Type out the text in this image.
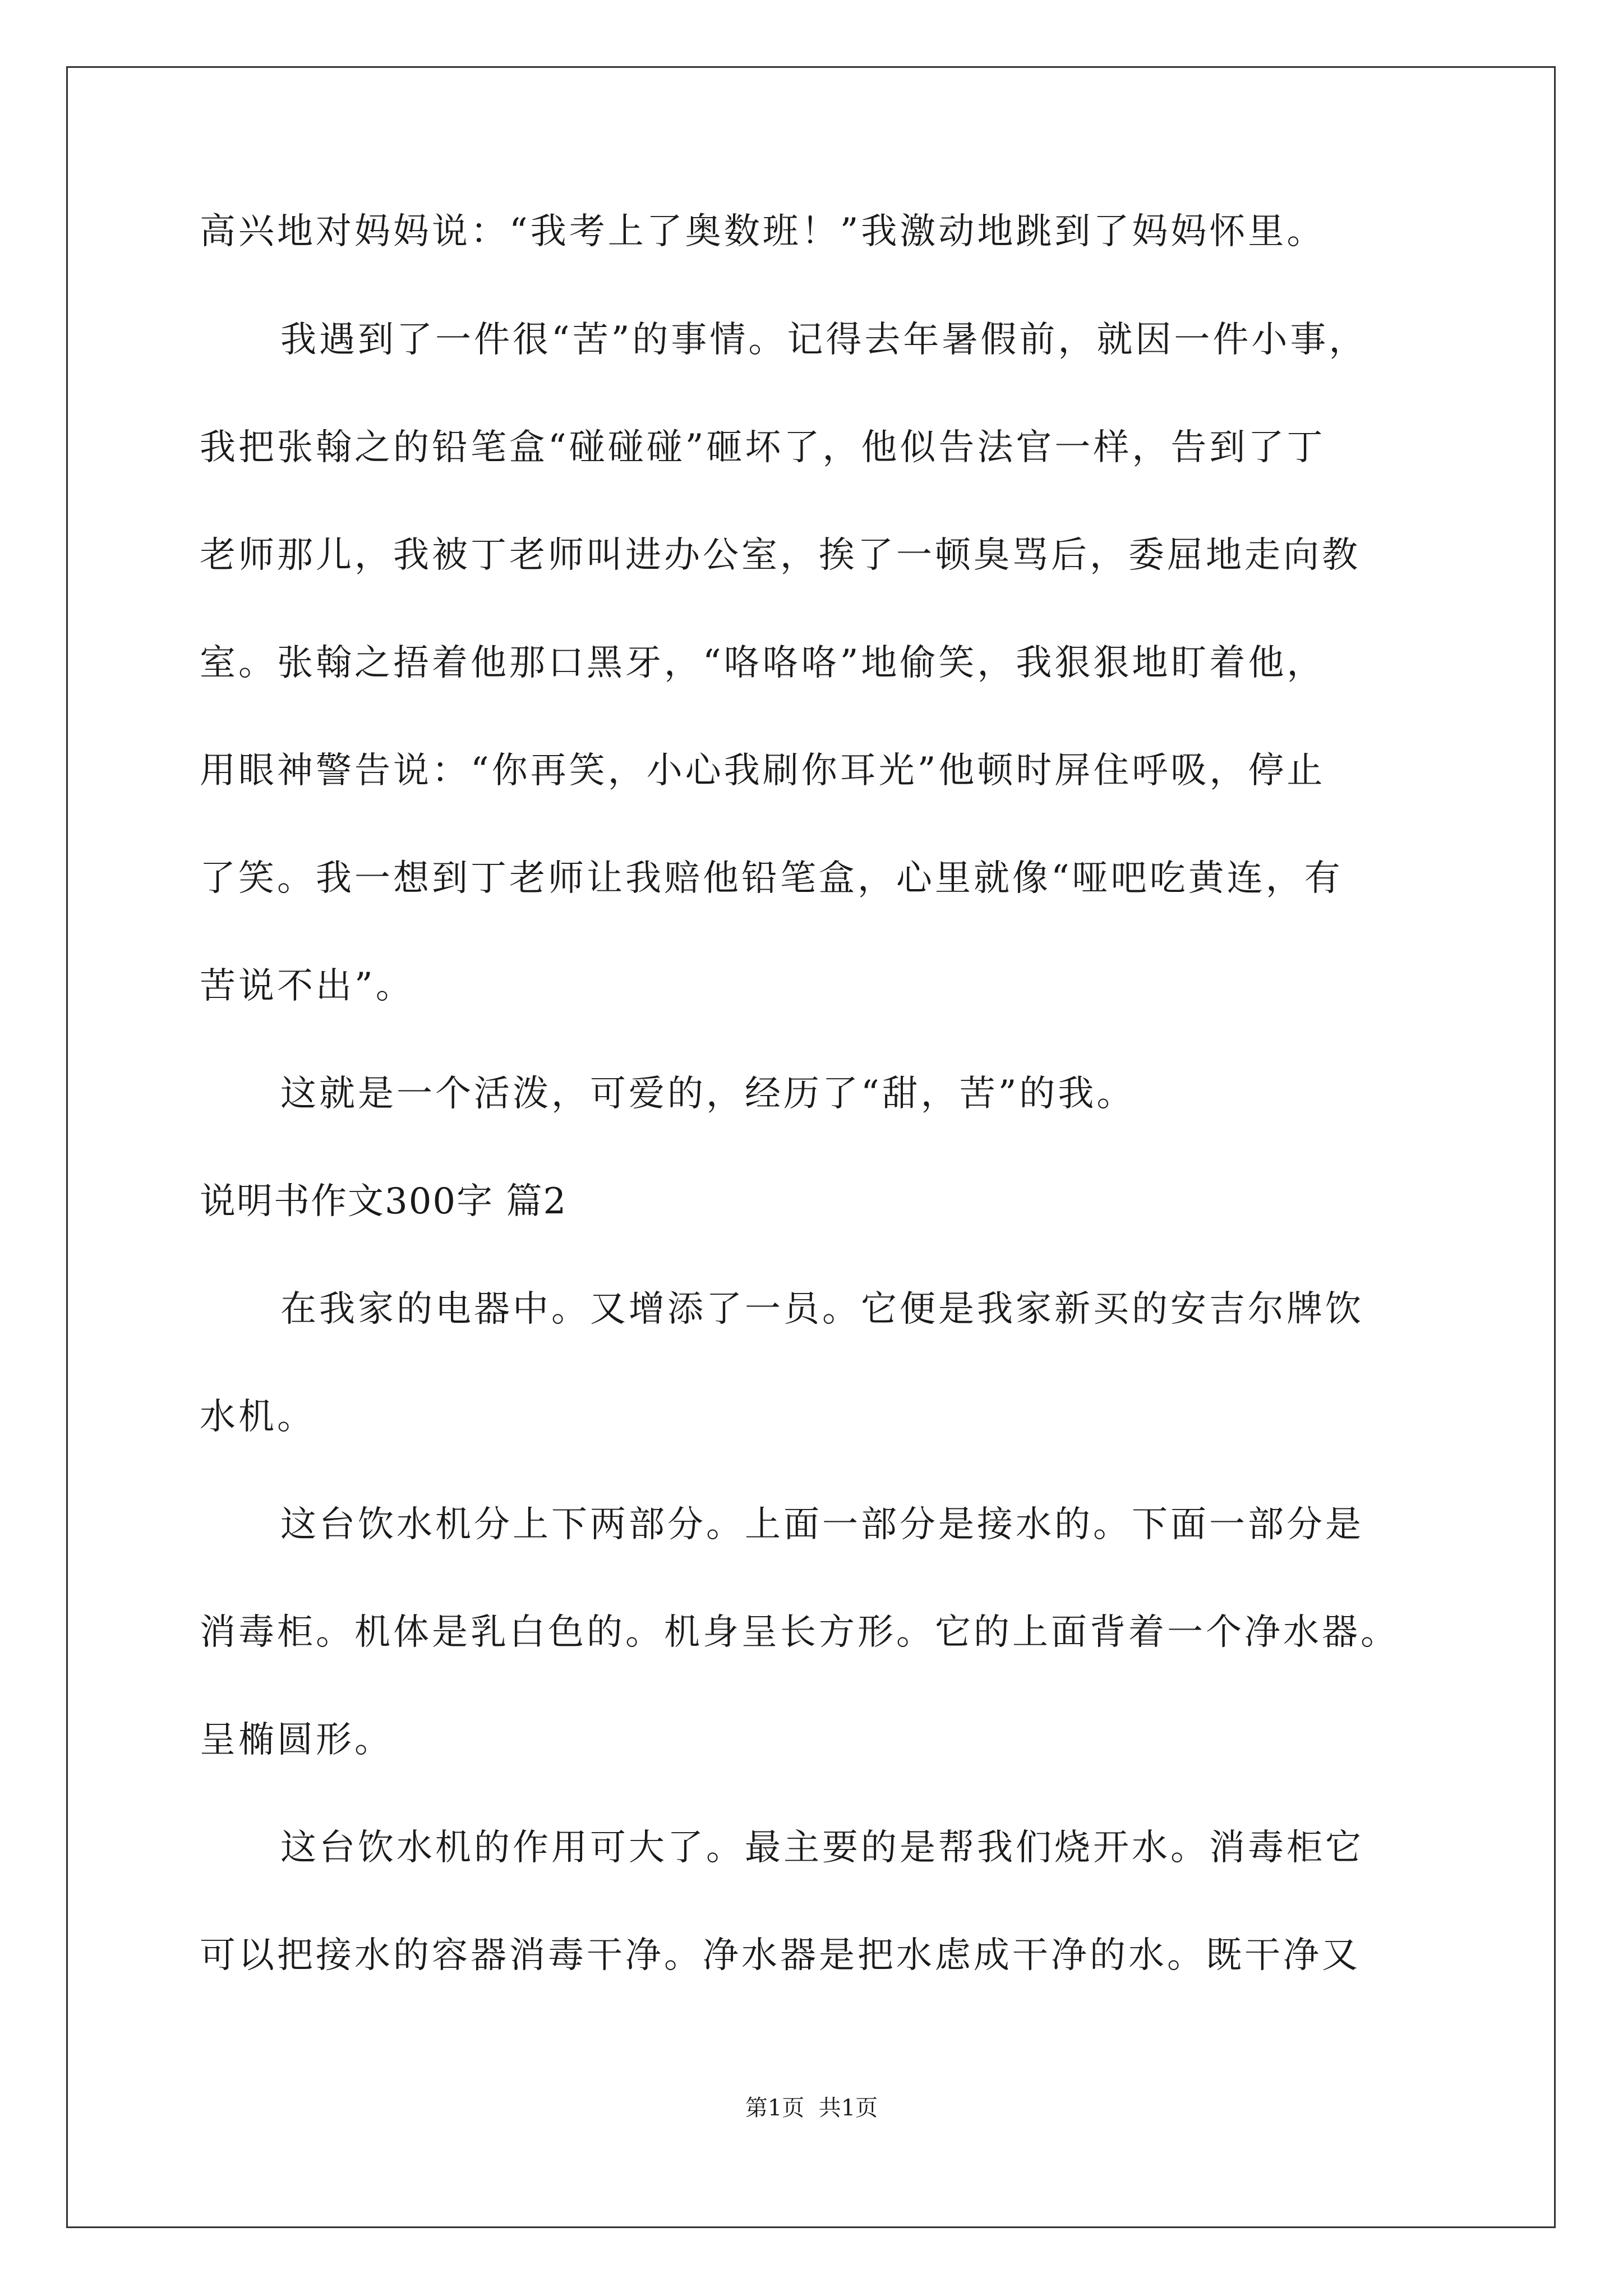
高兴地对妈妈说：“我考上了奥数班！”我激动地跳到了妈妈怀里。
我遇到了一件很“苦”的事情。记得去年暑假前，就因一件小事，
我把张翰之的铅笔盒“碰碰碰”砸坏了，他似告法官一样，告到了丁
老师那儿，我被丁老师叫进办公室，挨了一顿臭骂后，委屈地走向教
室。张翰之捂着他那口黑牙，“咯咯咯”地偷笑，我狠狠地盯着他，
用眼神警告说：“你再笑，小心我刷你耳光”他顿时屏住呼吸，停止
了笑。我一想到丁老师让我赔他铅笔盒，心里就像“哑吧吃黄连，有
苦说不出”。
这就是一个活泼，可爱的，经历了“甜，苦”的我。
说明书作文300字 篇2
在我家的电器中。又增添了一员。它便是我家新买的安吉尔牌饮
水机。
这台饮水机分上下两部分。上面一部分是接水的。下面一部分是
消毒柜。机体是乳白色的。机身呈长方形。它的上面背着一个净水器。
呈椭圆形。
这台饮水机的作用可大了。最主要的是帮我们烧开水。消毒柜它
可以把接水的容器消毒干净。净水器是把水虑成干净的水。既干净又
第1页  共1页
